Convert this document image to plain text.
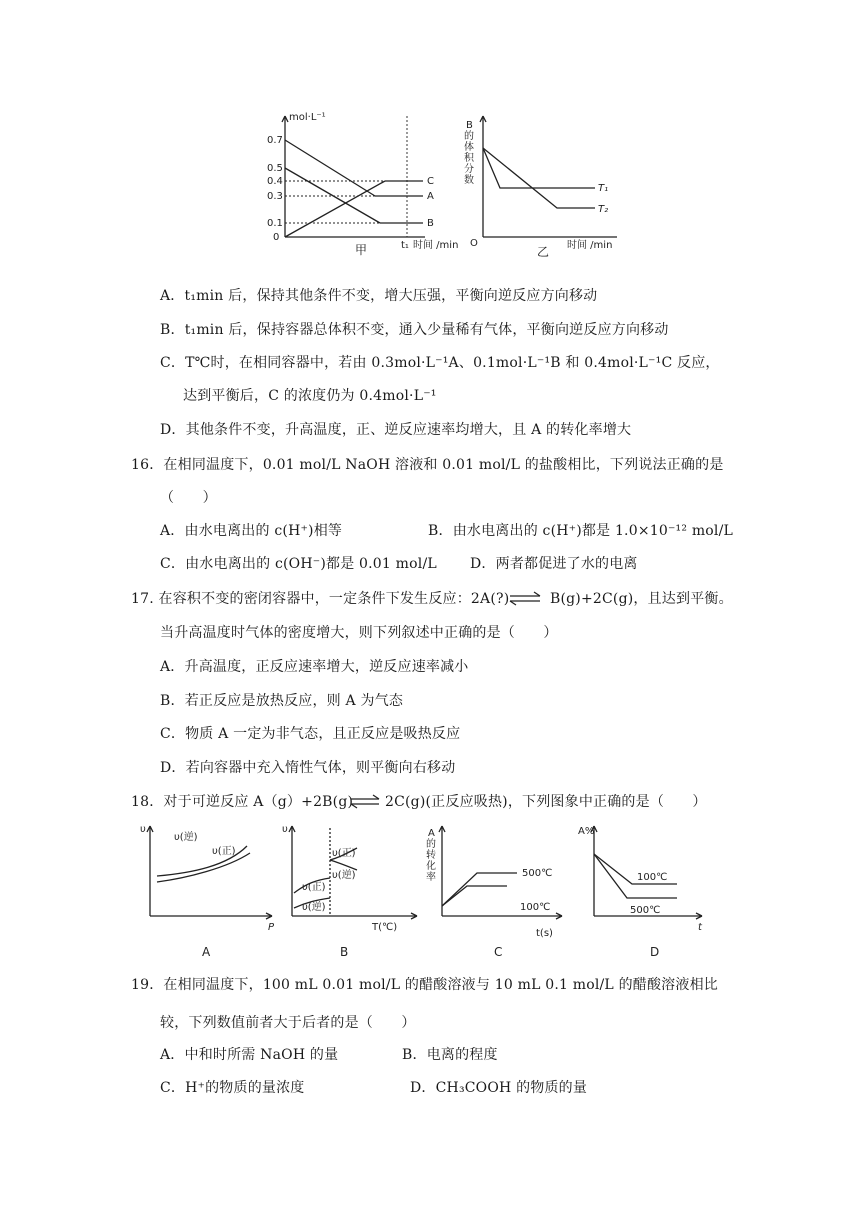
mol·L⁻¹
0.7
0.5
0.4
0.3
0.1
0
C
A
B
t₁ 时间 /min
甲
B 的体积分数
O
T₁
T₂
时间 /min
乙
A．t₁min 后，保持其他条件不变，增大压强，平衡向逆反应方向移动
B．t₁min 后，保持容器总体积不变，通入少量稀有气体，平衡向逆反应方向移动
C．T℃时，在相同容器中，若由 0.3mol·L⁻¹A、0.1mol·L⁻¹B 和 0.4mol·L⁻¹C 反应，
达到平衡后，C 的浓度仍为 0.4mol·L⁻¹
D．其他条件不变，升高温度，正、逆反应速率均增大，且 A 的转化率增大
16．在相同温度下，0.01 mol/L NaOH 溶液和 0.01 mol/L 的盐酸相比，下列说法正确的是
（　　）
A．由水电离出的 c(H⁺)相等	B．由水电离出的 c(H⁺)都是 1.0×10⁻¹² mol/L
C．由水电离出的 c(OH⁻)都是 0.01 mol/L D．两者都促进了水的电离
17. 在容积不变的密闭容器中，一定条件下发生反应：2A(?) ⇌ B(g)+2C(g)，且达到平衡。
当升高温度时气体的密度增大，则下列叙述中正确的是（　　）
A．升高温度，正反应速率增大，逆反应速率减小
B．若正反应是放热反应，则 A 为气态
C．物质 A 一定为非气态，且正反应是吸热反应
D．若向容器中充入惰性气体，则平衡向右移动
18．对于可逆反应 A（g）+2B(g) ⇌ 2C(g)(正反应吸热)，下列图象中正确的是（　　）
υ
υ(逆)
υ(正)
P
A
υ
υ(正)
υ(逆)
υ(正)
υ(逆)
T(℃)
B
A 的转化率	500℃
100℃
t(s)
C
A%
100℃
500℃
t
D
19．在相同温度下，100 mL 0.01 mol/L 的醋酸溶液与 10 mL 0.1 mol/L 的醋酸溶液相比
较，下列数值前者大于后者的是（　　）
A．中和时所需 NaOH 的量	B．电离的程度
C．H⁺的物质的量浓度	D．CH₃COOH 的物质的量
